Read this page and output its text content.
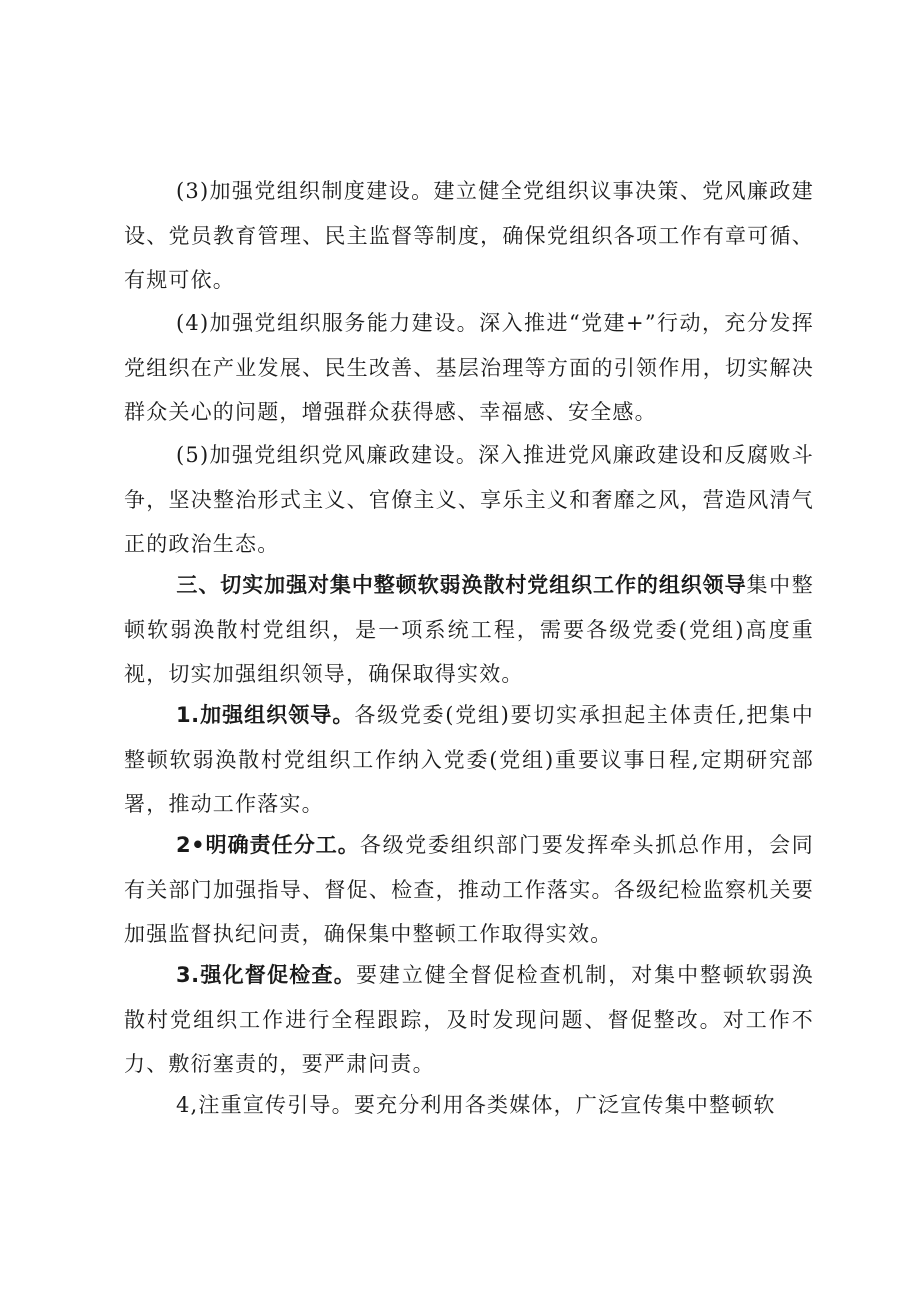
(3)加强党组织制度建设。建立健全党组织议事决策、党风廉政建设、党员教育管理、民主监督等制度，确保党组织各项工作有章可循、有规可依。

(4)加强党组织服务能力建设。深入推进“党建+”行动，充分发挥党组织在产业发展、民生改善、基层治理等方面的引领作用，切实解决群众关心的问题，增强群众获得感、幸福感、安全感。

(5)加强党组织党风廉政建设。深入推进党风廉政建设和反腐败斗争，坚决整治形式主义、官僚主义、享乐主义和奢靡之风，营造风清气正的政治生态。

三、切实加强对集中整顿软弱涣散村党组织工作的组织领导集中整顿软弱涣散村党组织，是一项系统工程，需要各级党委(党组)高度重视，切实加强组织领导，确保取得实效。

1.加强组织领导。各级党委(党组)要切实承担起主体责任,把集中整顿软弱涣散村党组织工作纳入党委(党组)重要议事日程,定期研究部署，推动工作落实。

2•明确责任分工。各级党委组织部门要发挥牵头抓总作用，会同有关部门加强指导、督促、检查，推动工作落实。各级纪检监察机关要加强监督执纪问责，确保集中整顿工作取得实效。

3.强化督促检查。要建立健全督促检查机制，对集中整顿软弱涣散村党组织工作进行全程跟踪，及时发现问题、督促整改。对工作不力、敷衍塞责的，要严肃问责。

4,注重宣传引导。要充分利用各类媒体，广泛宣传集中整顿软
